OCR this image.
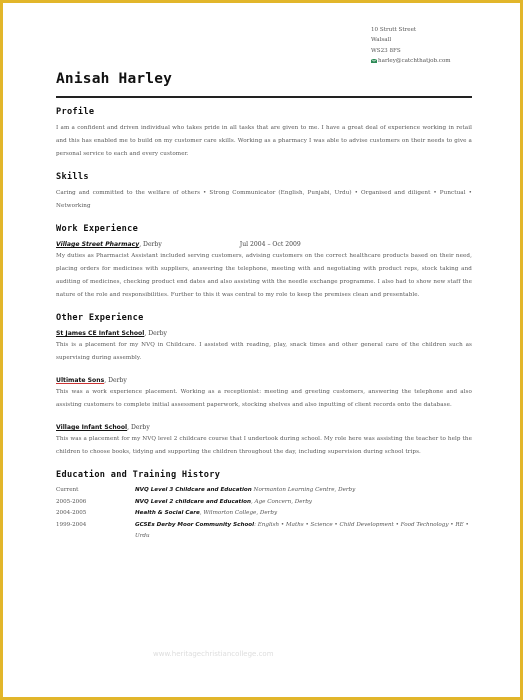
10 Strutt Street
Walsall
WS23 8FS
harley@catchthatjob.com
Anisah Harley
Profile

I am a confident and driven individual who takes pride in all tasks that are given to me. I have a great deal of experience working in retail and this has enabled me to build on my customer care skills. Working as a pharmacy I was able to advise customers on their needs to give a personal service to each and every customer.

Skills

Caring and committed to the welfare of others • Strong Communicator (English, Punjabi, Urdu) • Organised and diligent • Punctual • Networking

Work Experience
Village Street Pharmacy, Derby	Jul 2004 – Oct 2009

My duties as Pharmacist Assistant included serving customers, advising customers on the correct healthcare products based on their need, placing orders for medicines with suppliers, answering the telephone, meeting with and negotiating with product reps, stock taking and auditing of medicines, checking product end dates and also assisting with the needle exchange programme. I also had to show new staff the nature of the role and responsibilities. Further to this it was central to my role to keep the premises clean and presentable.

Other Experience
St James CE Infant School, Derby

This is a placement for my NVQ in Childcare. I assisted with reading, play, snack times and other general care of the children such as supervising during assembly.

Ultimate Sons, Derby

This was a work experience placement. Working as a receptionist: meeting and greeting customers, answering the telephone and also assisting customers to complete initial assessment paperwork, stocking shelves and also inputting of client records onto the database.

Village Infant School, Derby

This was a placement for my NVQ level 2 childcare course that I undertook during school. My role here was assisting the teacher to help the children to choose books, tidying and supporting the children throughout the day, including supervision during school trips.

Education and Training History
Current	NVQ Level 3 Childcare and Education Normanton Learning Centre, Derby
2005-2006	NVQ Level 2 childcare and Education, Age Concern, Derby
2004-2005	Health & Social Care, Wilmorton College, Derby
1999-2004	GCSEs Derby Moor Community School: English • Maths • Science • Child Development • Food Technology • RE • Urdu
www.heritagechristiancollege.com
